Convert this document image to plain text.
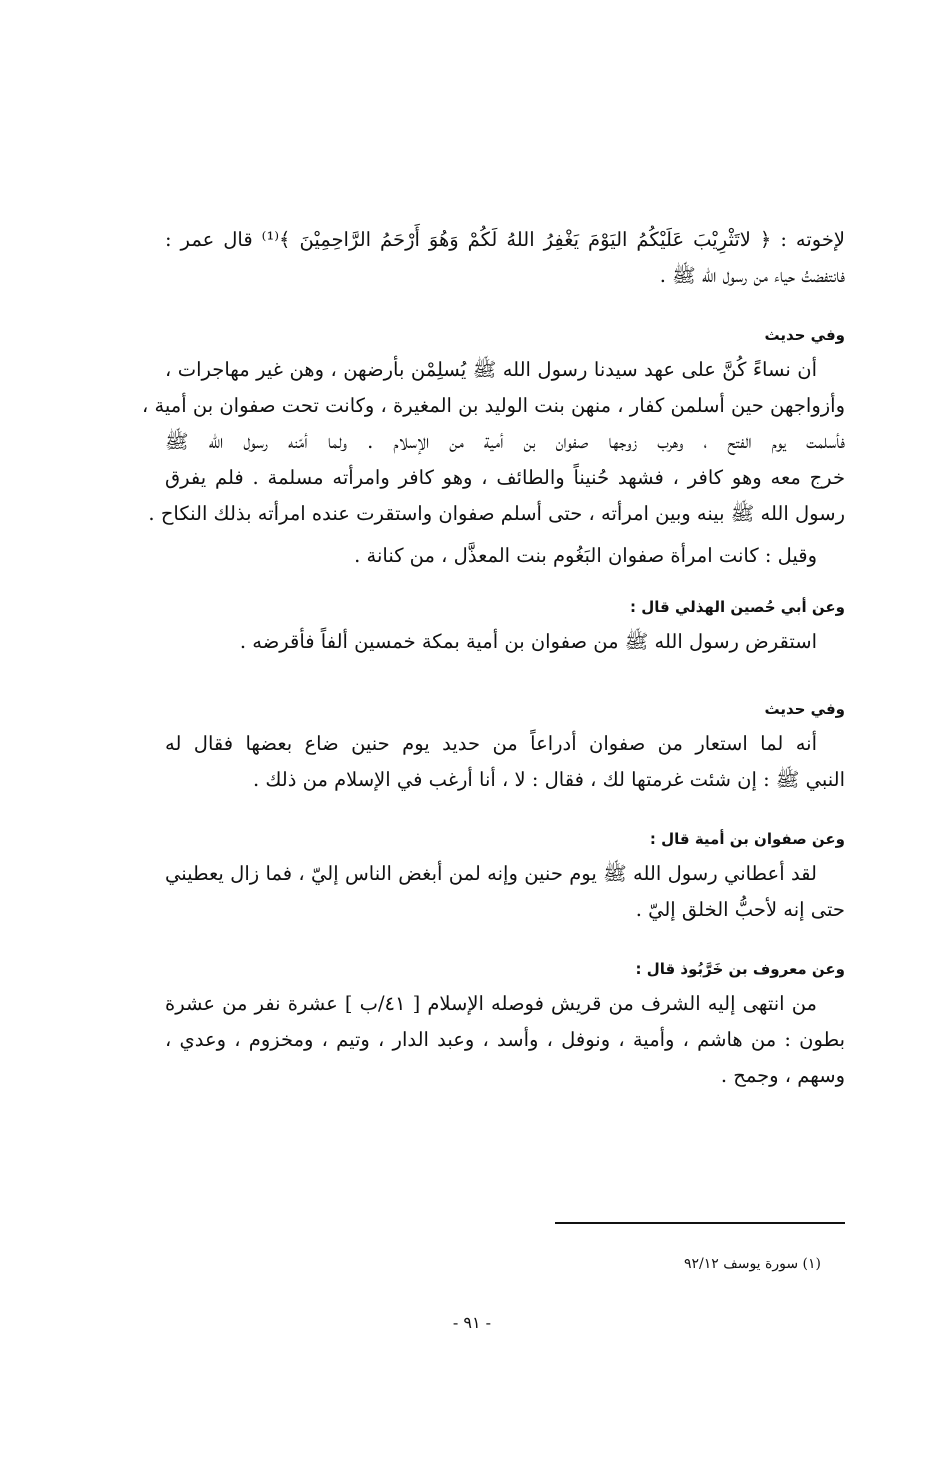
لإخوته : ﴿ لاتَثْرِيْبَ عَلَيْكُمُ اليَوْمَ يَغْفِرُ اللهُ لَكُمْ وَهُوَ أَرْحَمُ الرَّاحِمِيْنَ ﴾⁽¹⁾ قال عمر :

فانتفضتُ حياء من رسول الله ﷺ .

وفي حديث

أن نساءً كُنَّ على عهد سيدنا رسول الله ﷺ يُسلِمْن بأرضهن ، وهن غير مهاجرات ،

وأزواجهن حين أسلمن كفار ، منهن بنت الوليد بن المغيرة ، وكانت تحت صفوان بن أمية ،

فأسلمت يوم الفتح ، وهرب زوجها صفوان بن أمية من الإسلام . ولما أمّنه رسول الله ﷺ

خرج معه وهو كافر ، فشهد حُنيناً والطائف ، وهو كافر وامرأته مسلمة . فلم يفرق

رسول الله ﷺ بينه وبين امرأته ، حتى أسلم صفوان واستقرت عنده امرأته بذلك النكاح .

وقيل : كانت امرأة صفوان البَغُوم بنت المعذَّل ، من كنانة .

وعن أبي حُصين الهذلي قال :

استقرض رسول الله ﷺ من صفوان بن أمية بمكة خمسين ألفاً فأقرضه .

وفي حديث

أنه لما استعار من صفوان أدراعاً من حديد يوم حنين ضاع بعضها فقال له

النبي ﷺ : إن شئت غرمتها لك ، فقال : لا ، أنا أرغب في الإسلام من ذلك .

وعن صفوان بن أمية قال :

لقد أعطاني رسول الله ﷺ يوم حنين وإنه لمن أبغض الناس إليّ ، فما زال يعطيني

حتى إنه لأحبُّ الخلق إليّ .

وعن معروف بن خَرَّبُوذ قال :

من انتهى إليه الشرف من قريش فوصله الإسلام [ ٤١/ب ] عشرة نفر من عشرة

بطون : من هاشم ، وأمية ، ونوفل ، وأسد ، وعبد الدار ، وتيم ، ومخزوم ، وعدي ،

وسهم ، وجمح .

(١) سورة يوسف ٩٢/١٢
- ٩١ -
